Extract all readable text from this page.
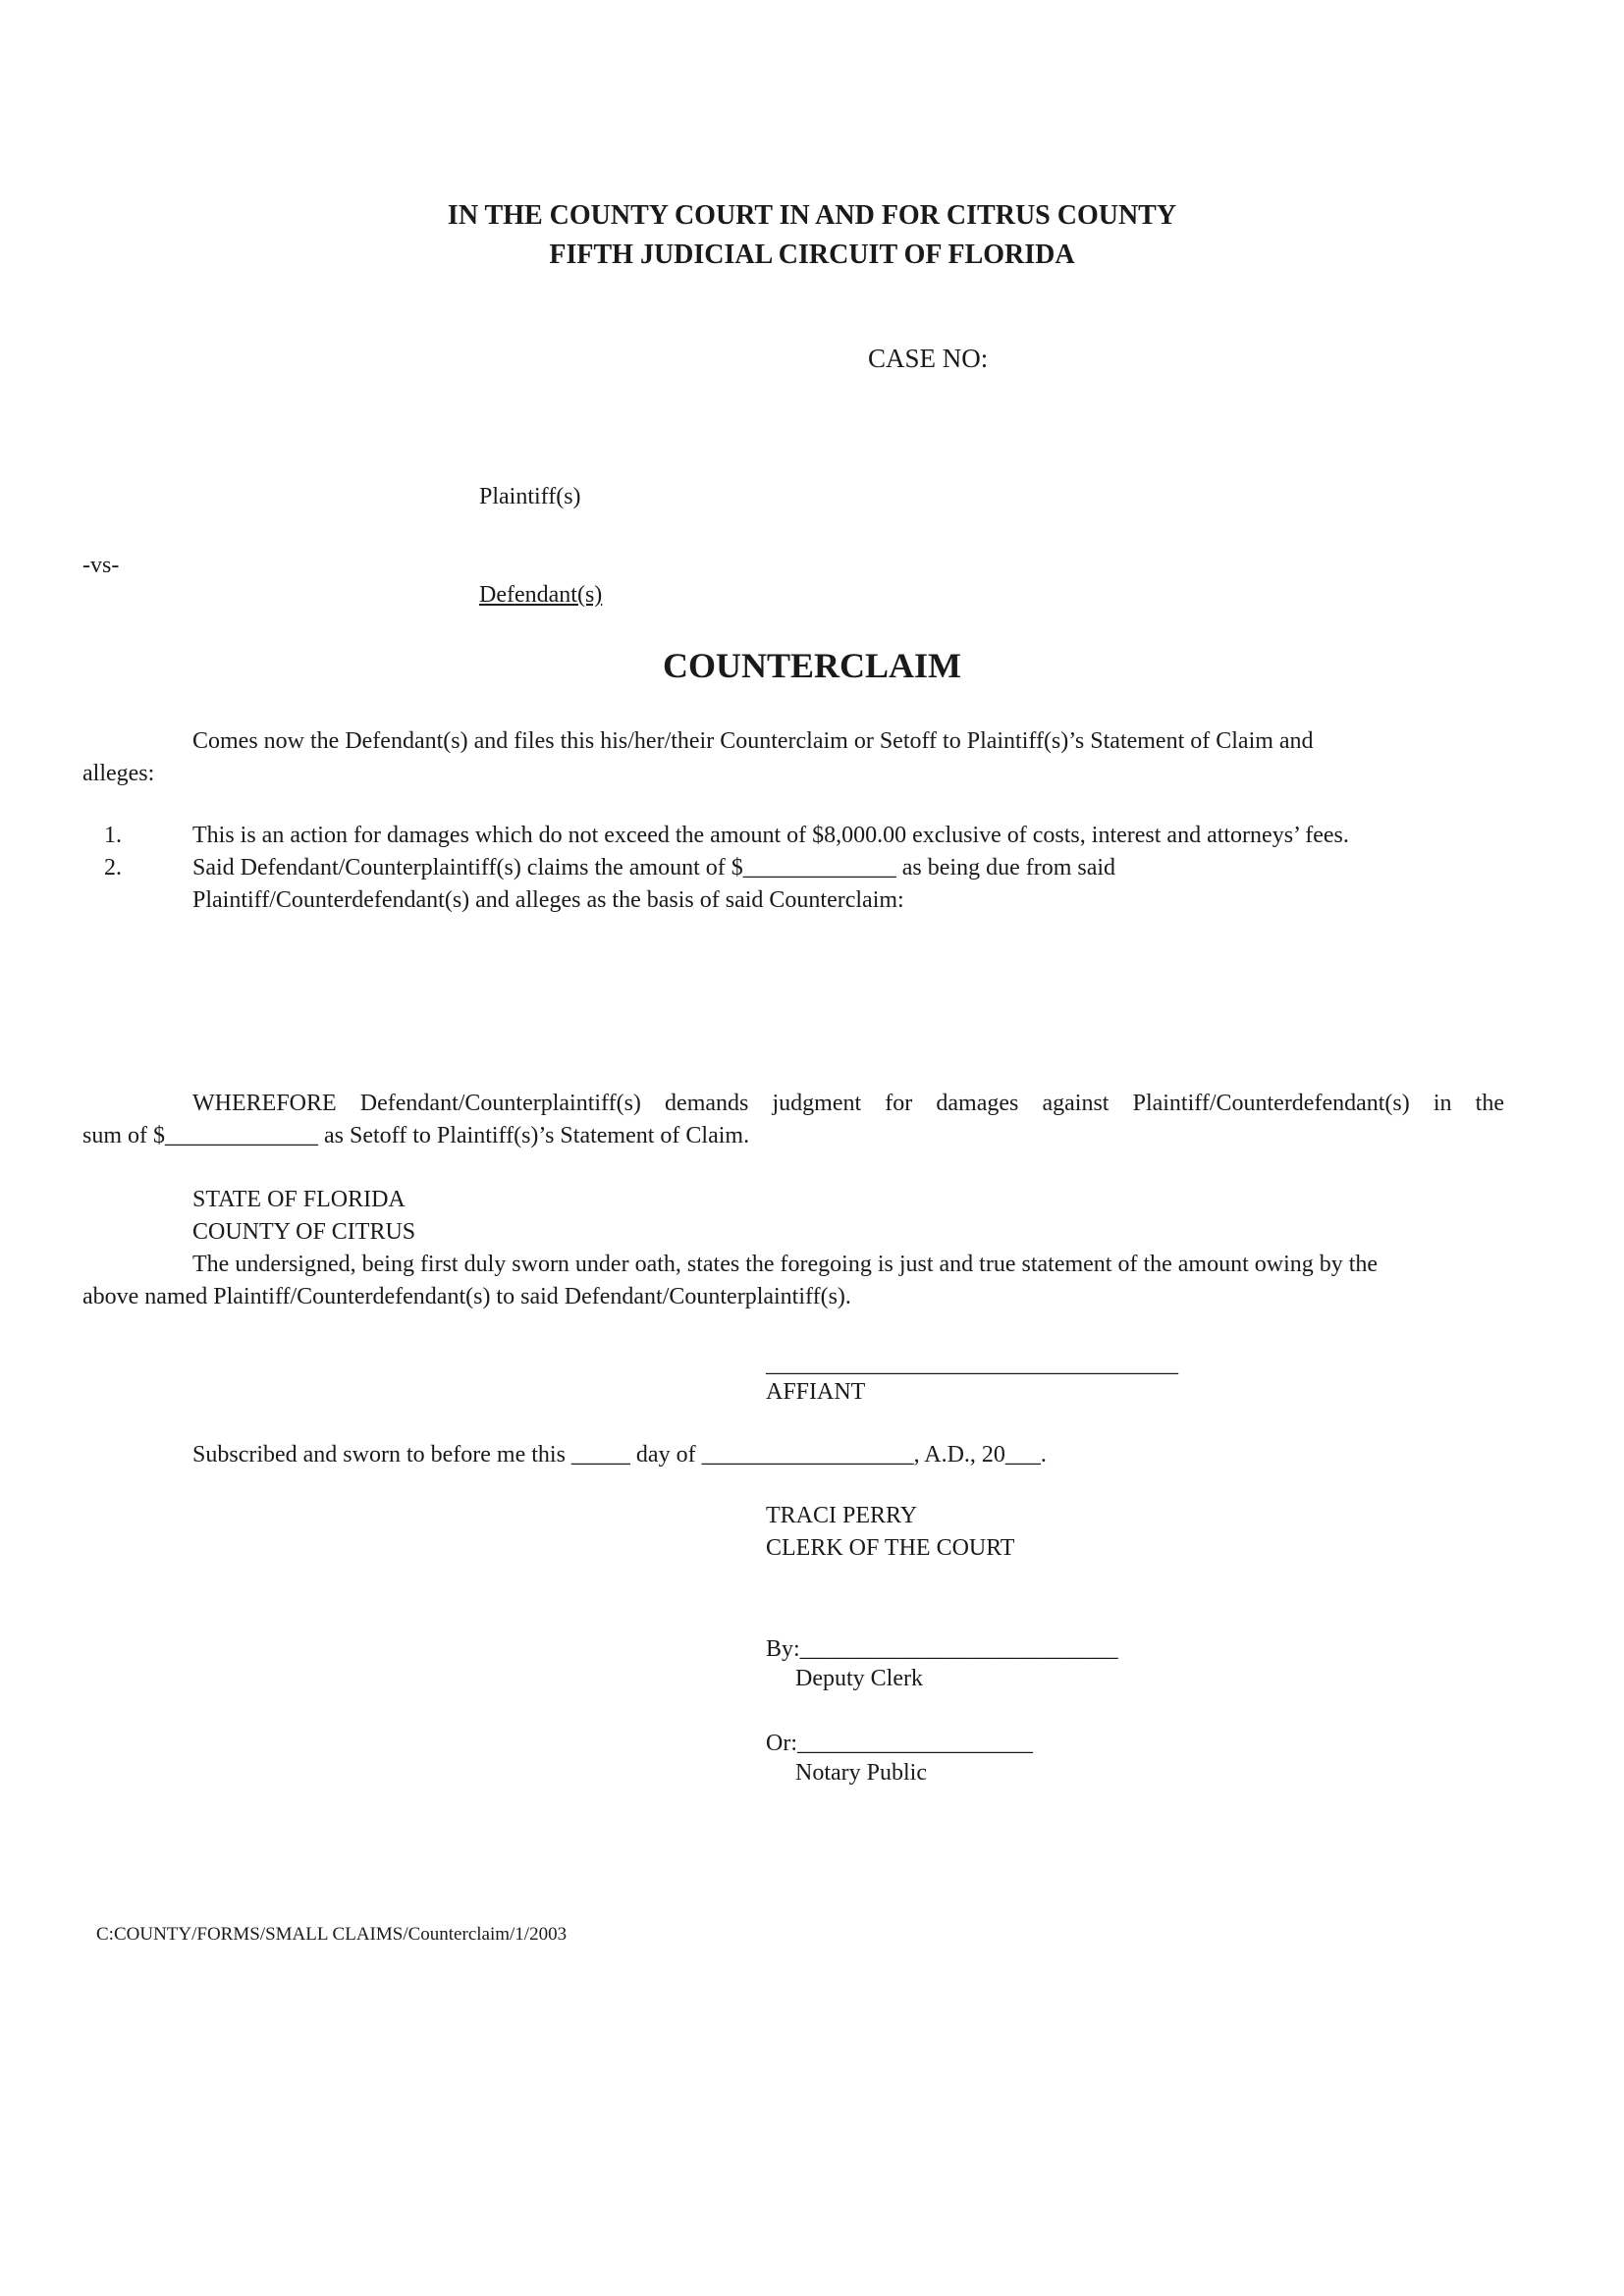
IN THE COUNTY COURT IN AND FOR CITRUS COUNTY
FIFTH JUDICIAL CIRCUIT OF FLORIDA
CASE NO:
Plaintiff(s)
-vs-
Defendant(s)
COUNTERCLAIM
Comes now the Defendant(s) and files this his/her/their Counterclaim or Setoff to Plaintiff(s)’s Statement of Claim and
alleges:
1.	This is an action for damages which do not exceed the amount of $8,000.00 exclusive of costs, interest and attorneys’ fees.
2.	Said Defendant/Counterplaintiff(s) claims the amount of $_____________ as being due from said
Plaintiff/Counterdefendant(s) and alleges as the basis of said Counterclaim:
WHEREFORE Defendant/Counterplaintiff(s) demands judgment for damages against Plaintiff/Counterdefendant(s) in the
sum of $_____________ as Setoff to Plaintiff(s)’s Statement of Claim.
STATE OF FLORIDA
COUNTY OF CITRUS
The undersigned, being first duly sworn under oath, states the foregoing is just and true statement of the amount owing by the
above named Plaintiff/Counterdefendant(s) to said Defendant/Counterplaintiff(s).
___________________________________
AFFIANT
Subscribed and sworn to before me this _____ day of __________________, A.D., 20___.
TRACI PERRY
CLERK OF THE COURT
By:___________________________
Deputy Clerk
Or:____________________
Notary Public
C:COUNTY/FORMS/SMALL CLAIMS/Counterclaim/1/2003
